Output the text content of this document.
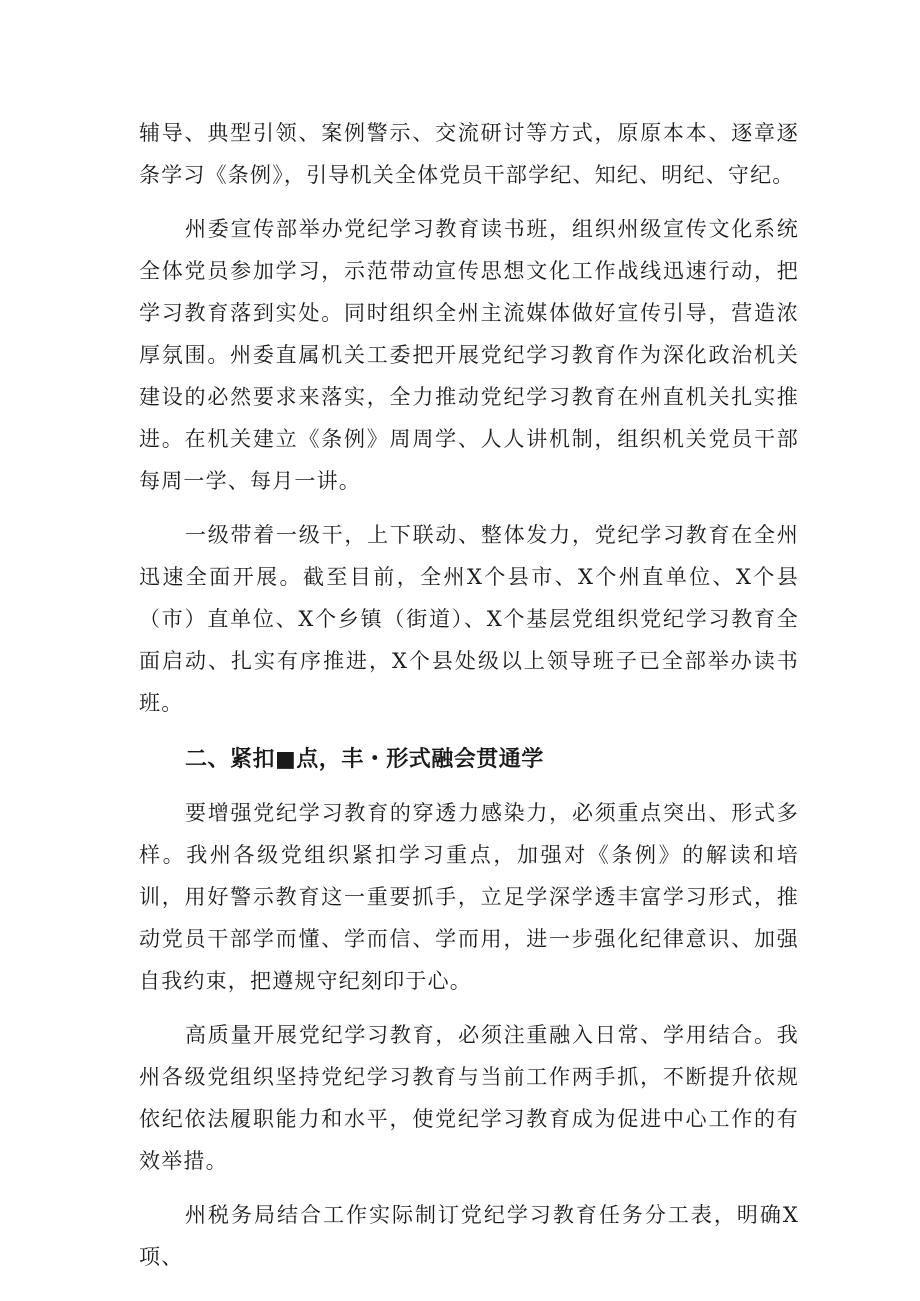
辅导、典型引领、案例警示、交流研讨等方式，原原本本、逐章逐条学习《条例》，引导机关全体党员干部学纪、知纪、明纪、守纪。

州委宣传部举办党纪学习教育读书班，组织州级宣传文化系统全体党员参加学习，示范带动宣传思想文化工作战线迅速行动，把学习教育落到实处。同时组织全州主流媒体做好宣传引导，营造浓厚氛围。州委直属机关工委把开展党纪学习教育作为深化政治机关建设的必然要求来落实，全力推动党纪学习教育在州直机关扎实推进。在机关建立《条例》周周学、人人讲机制，组织机关党员干部每周一学、每月一讲。

一级带着一级干，上下联动、整体发力，党纪学习教育在全州迅速全面开展。截至目前，全州X个县市、X个州直单位、X个县（市）直单位、X个乡镇（街道）、X个基层党组织党纪学习教育全面启动、扎实有序推进，X个县处级以上领导班子已全部举办读书班。

二、紧扣■点，丰・形式融会贯通学

要增强党纪学习教育的穿透力感染力，必须重点突出、形式多样。我州各级党组织紧扣学习重点，加强对《条例》的解读和培训，用好警示教育这一重要抓手，立足学深学透丰富学习形式，推动党员干部学而懂、学而信、学而用，进一步强化纪律意识、加强自我约束，把遵规守纪刻印于心。

高质量开展党纪学习教育，必须注重融入日常、学用结合。我州各级党组织坚持党纪学习教育与当前工作两手抓，不断提升依规依纪依法履职能力和水平，使党纪学习教育成为促进中心工作的有效举措。

州税务局结合工作实际制订党纪学习教育任务分工表，明确X项、
